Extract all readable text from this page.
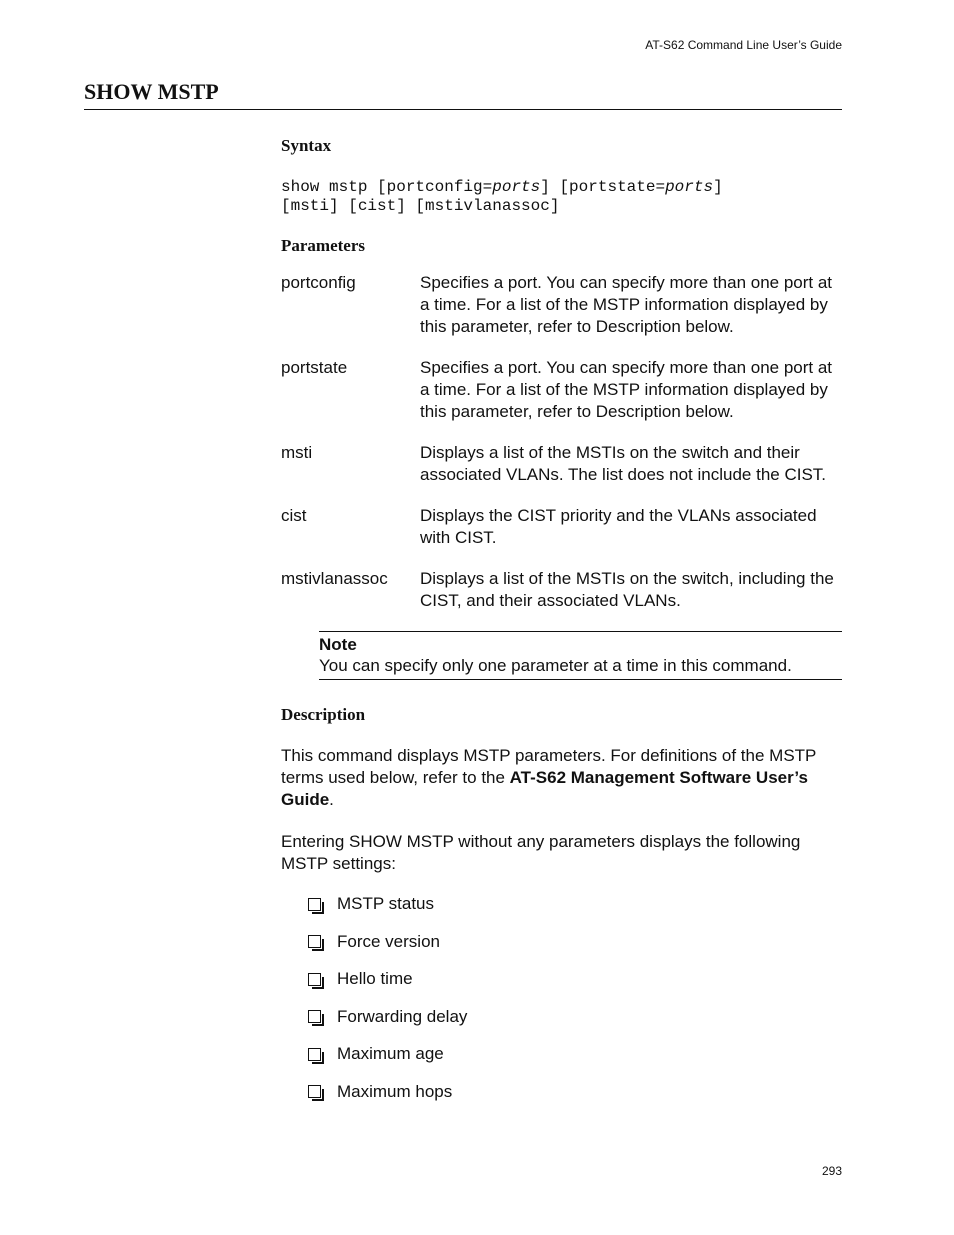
AT-S62 Command Line User’s Guide
SHOW MSTP
Syntax
show mstp [portconfig=ports] [portstate=ports]
[msti] [cist] [mstivlanassoc]
Parameters
portconfig	Specifies a port. You can specify more than one port at a time. For a list of the MSTP information displayed by this parameter, refer to Description below.
portstate	Specifies a port. You can specify more than one port at a time. For a list of the MSTP information displayed by this parameter, refer to Description below.
msti	Displays a list of the MSTIs on the switch and their associated VLANs. The list does not include the CIST.
cist	Displays the CIST priority and the VLANs associated with CIST.
mstivlanassoc	Displays a list of the MSTIs on the switch, including the CIST, and their associated VLANs.
Note
You can specify only one parameter at a time in this command.
Description
This command displays MSTP parameters. For definitions of the MSTP terms used below, refer to the AT-S62 Management Software User’s Guide.
Entering SHOW MSTP without any parameters displays the following MSTP settings:
MSTP status
Force version
Hello time
Forwarding delay
Maximum age
Maximum hops
293
